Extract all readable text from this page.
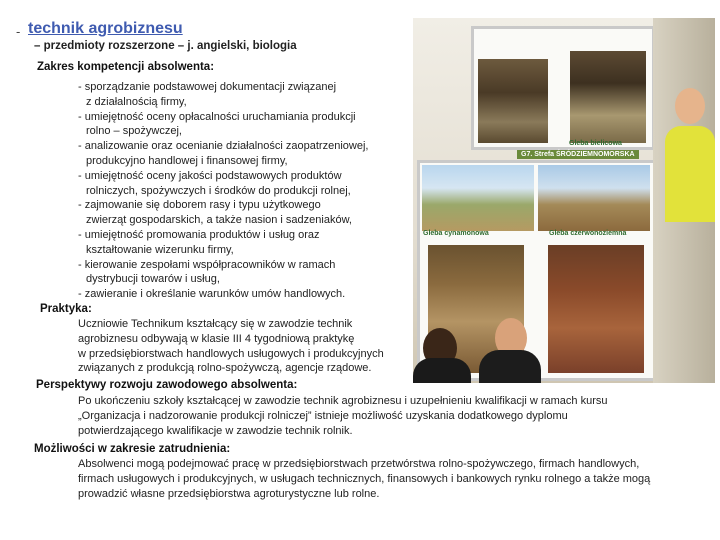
- technik agrobiznesu
– przedmioty rozszerzone – j. angielski, biologia
Gleba bielicowa
G7. Strefa ŚRÓDZIEMNOMORSKA
Gleba cynamonowa	Gleba czerwonoziemna
Zakres kompetencji absolwenta:
- sporządzanie podstawowej dokumentacji związanej
z działalnością firmy,
- umiejętność oceny opłacalności uruchamiania produkcji
rolno – spożywczej,
- analizowanie oraz ocenianie działalności zaopatrzeniowej,
produkcyjno handlowej i finansowej firmy,
- umiejętność oceny jakości podstawowych produktów
rolniczych, spożywczych i środków do produkcji rolnej,
- zajmowanie się doborem rasy i typu użytkowego
zwierząt gospodarskich, a także nasion i sadzeniaków,
- umiejętność promowania produktów i usług oraz
kształtowanie wizerunku firmy,
- kierowanie zespołami współpracowników w ramach
dystrybucji towarów i usług,
- zawieranie i określanie warunków umów handlowych.
Praktyka:
Uczniowie Technikum kształcący się w zawodzie technik
agrobiznesu odbywają w klasie III 4 tygodniową praktykę
w przedsiębiorstwach handlowych usługowych i produkcyjnych
związanych z produkcją rolno-spożywczą, agencje rządowe.
Perspektywy rozwoju zawodowego absolwenta:
Po ukończeniu szkoły kształcącej w zawodzie technik agrobiznesu i uzupełnieniu kwalifikacji w ramach kursu
„Organizacja i nadzorowanie produkcji rolniczej” istnieje możliwość uzyskania dodatkowego dyplomu
potwierdzającego kwalifikacje w zawodzie technik rolnik.
Możliwości w zakresie zatrudnienia:
Absolwenci mogą podejmować pracę w przedsiębiorstwach przetwórstwa rolno-spożywczego, firmach handlowych,
firmach usługowych i produkcyjnych, w usługach technicznych, finansowych i bankowych rynku rolnego a także mogą
prowadzić własne przedsiębiorstwa agroturystyczne lub rolne.
